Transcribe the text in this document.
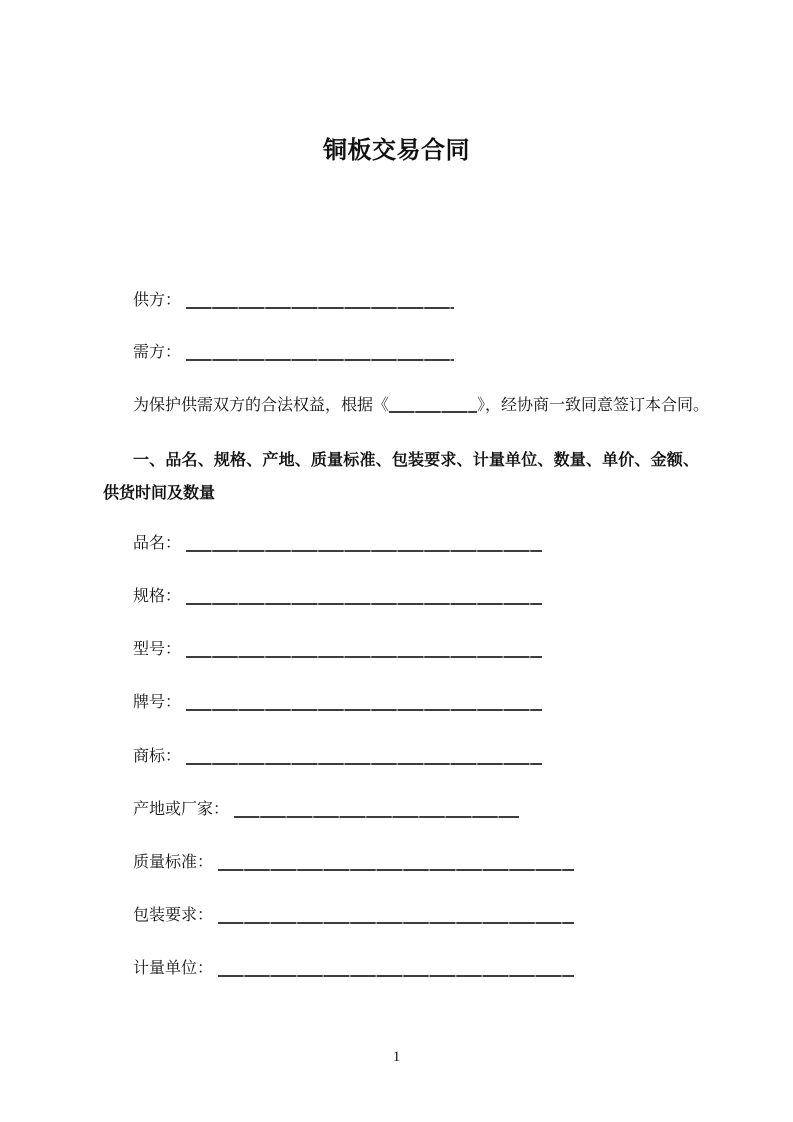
铜板交易合同
供方：
需方：
为保护供需双方的合法权益，根据《	》，经协商一致同意签订本合同。
一、品名、规格、产地、质量标准、包装要求、计量单位、数量、单价、金额、
供货时间及数量
品名：
规格：
型号：
牌号：
商标：
产地或厂家：
质量标准：
包装要求：
计量单位：
1
